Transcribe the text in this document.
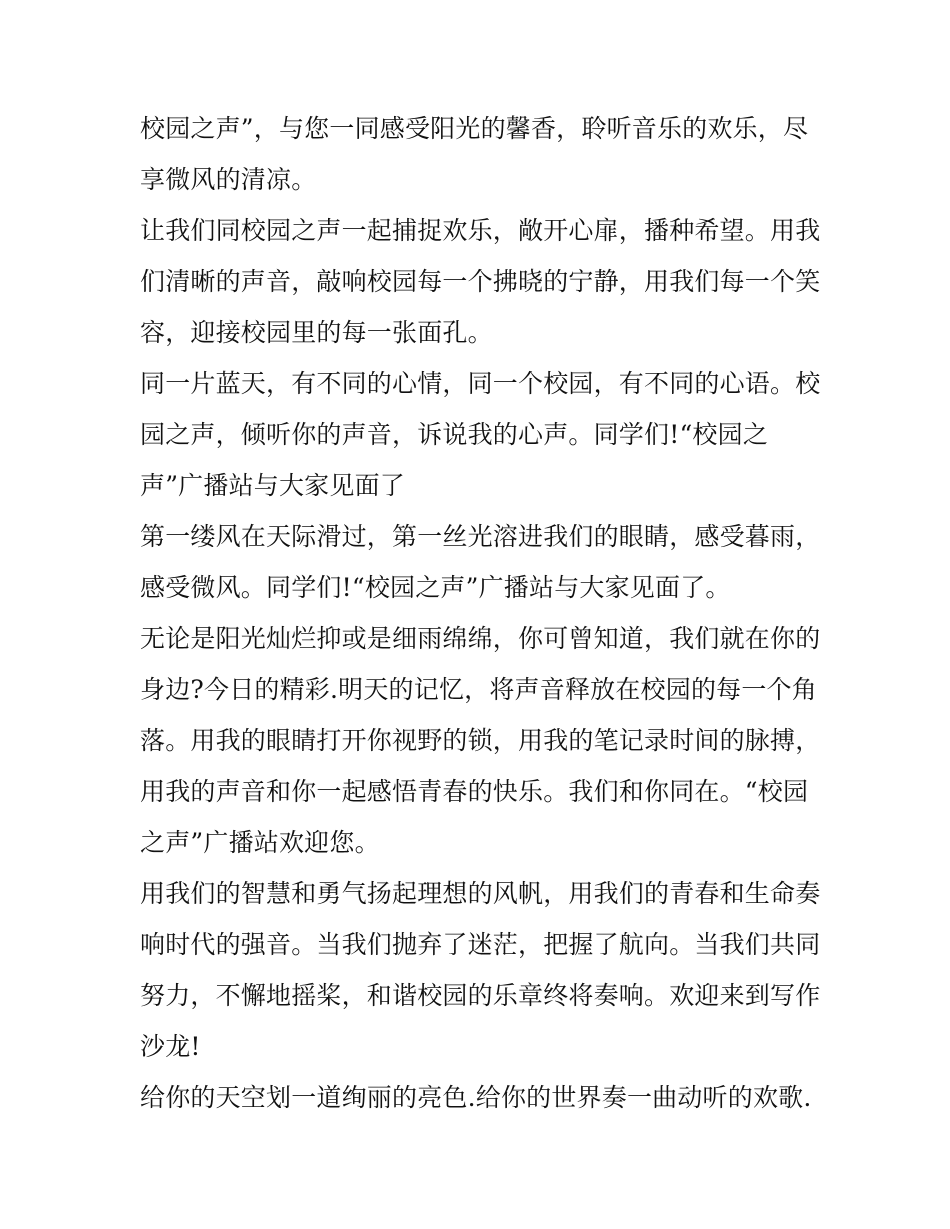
校园之声”，与您一同感受阳光的馨香，聆听音乐的欢乐，尽
享微风的清凉。
让我们同校园之声一起捕捉欢乐，敞开心扉，播种希望。用我
们清晰的声音，敲响校园每一个拂晓的宁静，用我们每一个笑
容，迎接校园里的每一张面孔。
同一片蓝天，有不同的心情，同一个校园，有不同的心语。校
园之声，倾听你的声音，诉说我的心声。同学们!“校园之
声”广播站与大家见面了
第一缕风在天际滑过，第一丝光溶进我们的眼睛，感受暮雨，
感受微风。同学们!“校园之声”广播站与大家见面了。
无论是阳光灿烂抑或是细雨绵绵，你可曾知道，我们就在你的
身边?今日的精彩.明天的记忆，将声音释放在校园的每一个角
落。用我的眼睛打开你视野的锁，用我的笔记录时间的脉搏，
用我的声音和你一起感悟青春的快乐。我们和你同在。“校园
之声”广播站欢迎您。
用我们的智慧和勇气扬起理想的风帆，用我们的青春和生命奏
响时代的强音。当我们抛弃了迷茫，把握了航向。当我们共同
努力，不懈地摇桨，和谐校园的乐章终将奏响。欢迎来到写作
沙龙!
给你的天空划一道绚丽的亮色.给你的世界奏一曲动听的欢歌.
